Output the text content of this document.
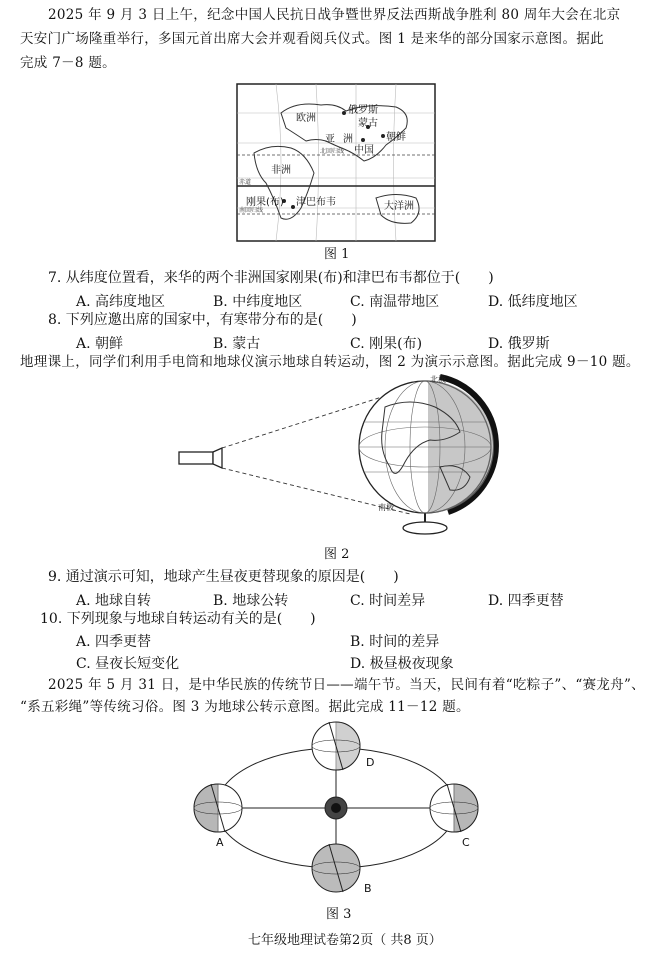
2025 年 9 月 3 日上午，纪念中国人民抗日战争暨世界反法西斯战争胜利 80 周年大会在北京
天安门广场隆重举行，多国元首出席大会并观看阅兵仪式。图 1 是来华的部分国家示意图。据此
完成 7－8 题。
欧洲
俄罗斯
蒙古
亚 洲	朝鲜
中国
非洲
刚果(布) 津巴布韦	大洋洲
赤道
北回归线
南回归线
图 1
7. 从纬度位置看，来华的两个非洲国家刚果(布)和津巴布韦都位于(　　)
A. 高纬度地区	B. 中纬度地区	C. 南温带地区	D. 低纬度地区
8. 下列应邀出席的国家中，有寒带分布的是(　　)
A. 朝鲜	B. 蒙古	C. 刚果(布)	D. 俄罗斯
地理课上，同学们利用手电筒和地球仪演示地球自转运动，图 2 为演示示意图。据此完成 9－10 题。
北极
南极
图 2
9. 通过演示可知，地球产生昼夜更替现象的原因是(　　)
A. 地球自转	B. 地球公转	C. 时间差异	D. 四季更替
10. 下列现象与地球自转运动有关的是(　　)
A. 四季更替	B. 时间的差异
C. 昼夜长短变化	D. 极昼极夜现象
2025 年 5 月 31 日，是中华民族的传统节日——端午节。当天，民间有着“吃粽子”、“赛龙舟”、
“系五彩绳”等传统习俗。图 3 为地球公转示意图。据此完成 11－12 题。
A
B
C
D
图 3
七年级地理试卷第2页（ 共8 页）
